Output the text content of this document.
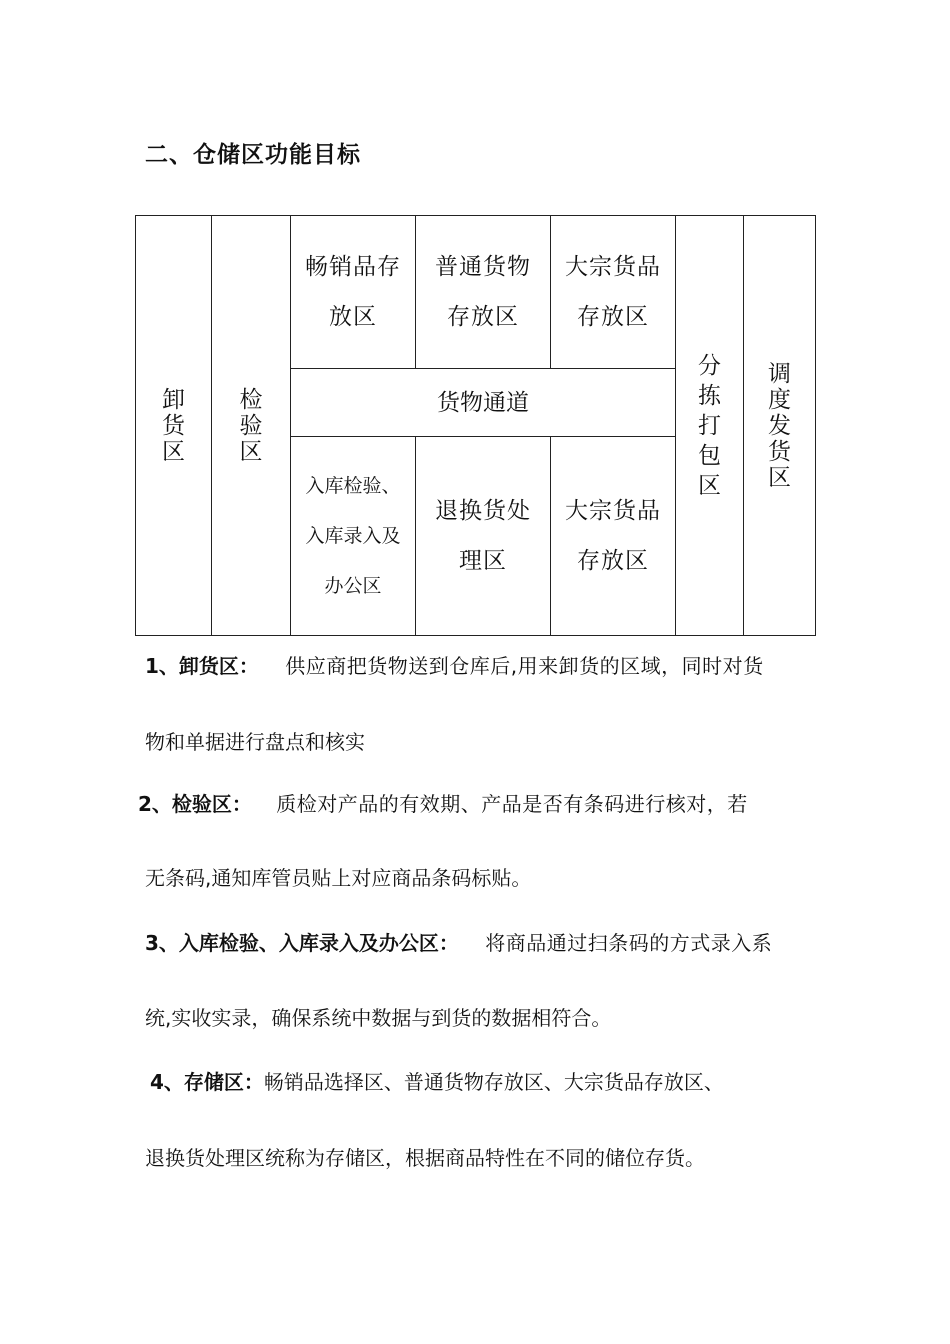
二、仓储区功能目标
卸货区
检验区
畅销品存放区
普通货物存放区
大宗货品存放区
货物通道
入库检验、入库录入及办公区
退换货处理区
大宗货品存放区
分拣打包区
调度发货区
1、卸货区： 供应商把货物送到仓库后,用来卸货的区域，同时对货
物和单据进行盘点和核实
2、检验区： 质检对产品的有效期、产品是否有条码进行核对，若
无条码,通知库管员贴上对应商品条码标贴。
3、入库检验、入库录入及办公区： 将商品通过扫条码的方式录入系
统,实收实录，确保系统中数据与到货的数据相符合。
4、存储区：畅销品选择区、普通货物存放区、大宗货品存放区、
退换货处理区统称为存储区，根据商品特性在不同的储位存货。
